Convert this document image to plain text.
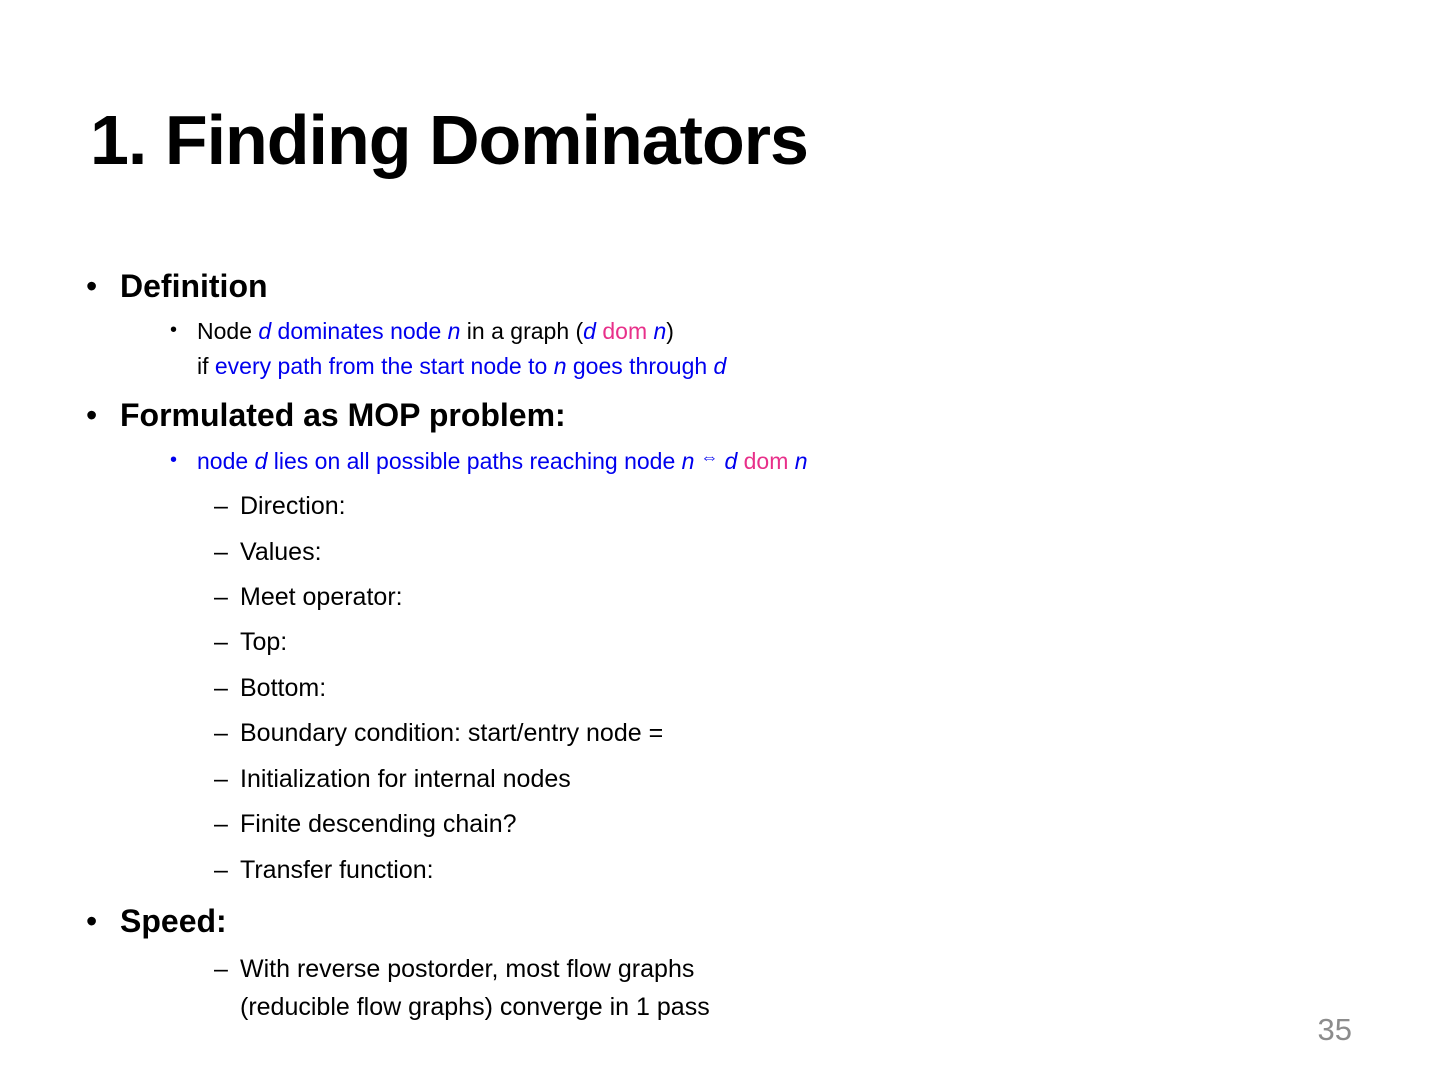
1. Finding Dominators
• Definition
• Node d dominates node n in a graph (d dom n)
if every path from the start node to n goes through d
• Formulated as MOP problem:
• node d lies on all possible paths reaching node n ⇔ d dom n
– Direction:
– Values:
– Meet operator:
– Top:
– Bottom:
– Boundary condition: start/entry node =
– Initialization for internal nodes
– Finite descending chain?
– Transfer function:
• Speed:
– With reverse postorder, most flow graphs
(reducible flow graphs) converge in 1 pass
35
